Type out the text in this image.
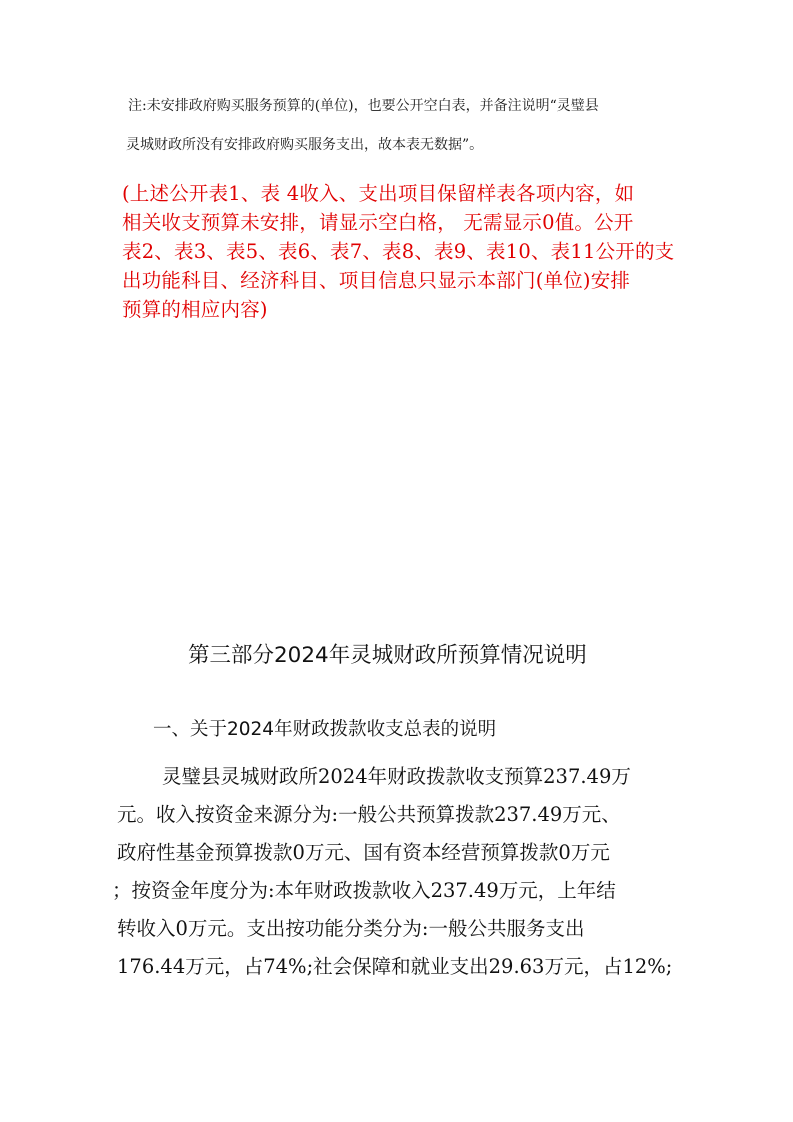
注:未安排政府购买服务预算的(单位)，也要公开空白表，并备注说明“灵璧县
灵城财政所没有安排政府购买服务支出，故本表无数据”。
(上述公开表1、表 4收入、支出项目保留样表各项内容，如
相关收支预算未安排，请显示空白格， 无需显示0值。公开
表2、表3、表5、表6、表7、表8、表9、表10、表11公开的支
出功能科目、经济科目、项目信息只显示本部门(单位)安排
预算的相应内容)
第三部分2024年灵城财政所预算情况说明
一、关于2024年财政拨款收支总表的说明
灵璧县灵城财政所2024年财政拨款收支预算237.49万
元。收入按资金来源分为:一般公共预算拨款237.49万元、
政府性基金预算拨款0万元、国有资本经营预算拨款0万元
；按资金年度分为:本年财政拨款收入237.49万元，上年结
转收入0万元。支出按功能分类分为:一般公共服务支出
176.44万元，占74%;社会保障和就业支出29.63万元，占12%;
